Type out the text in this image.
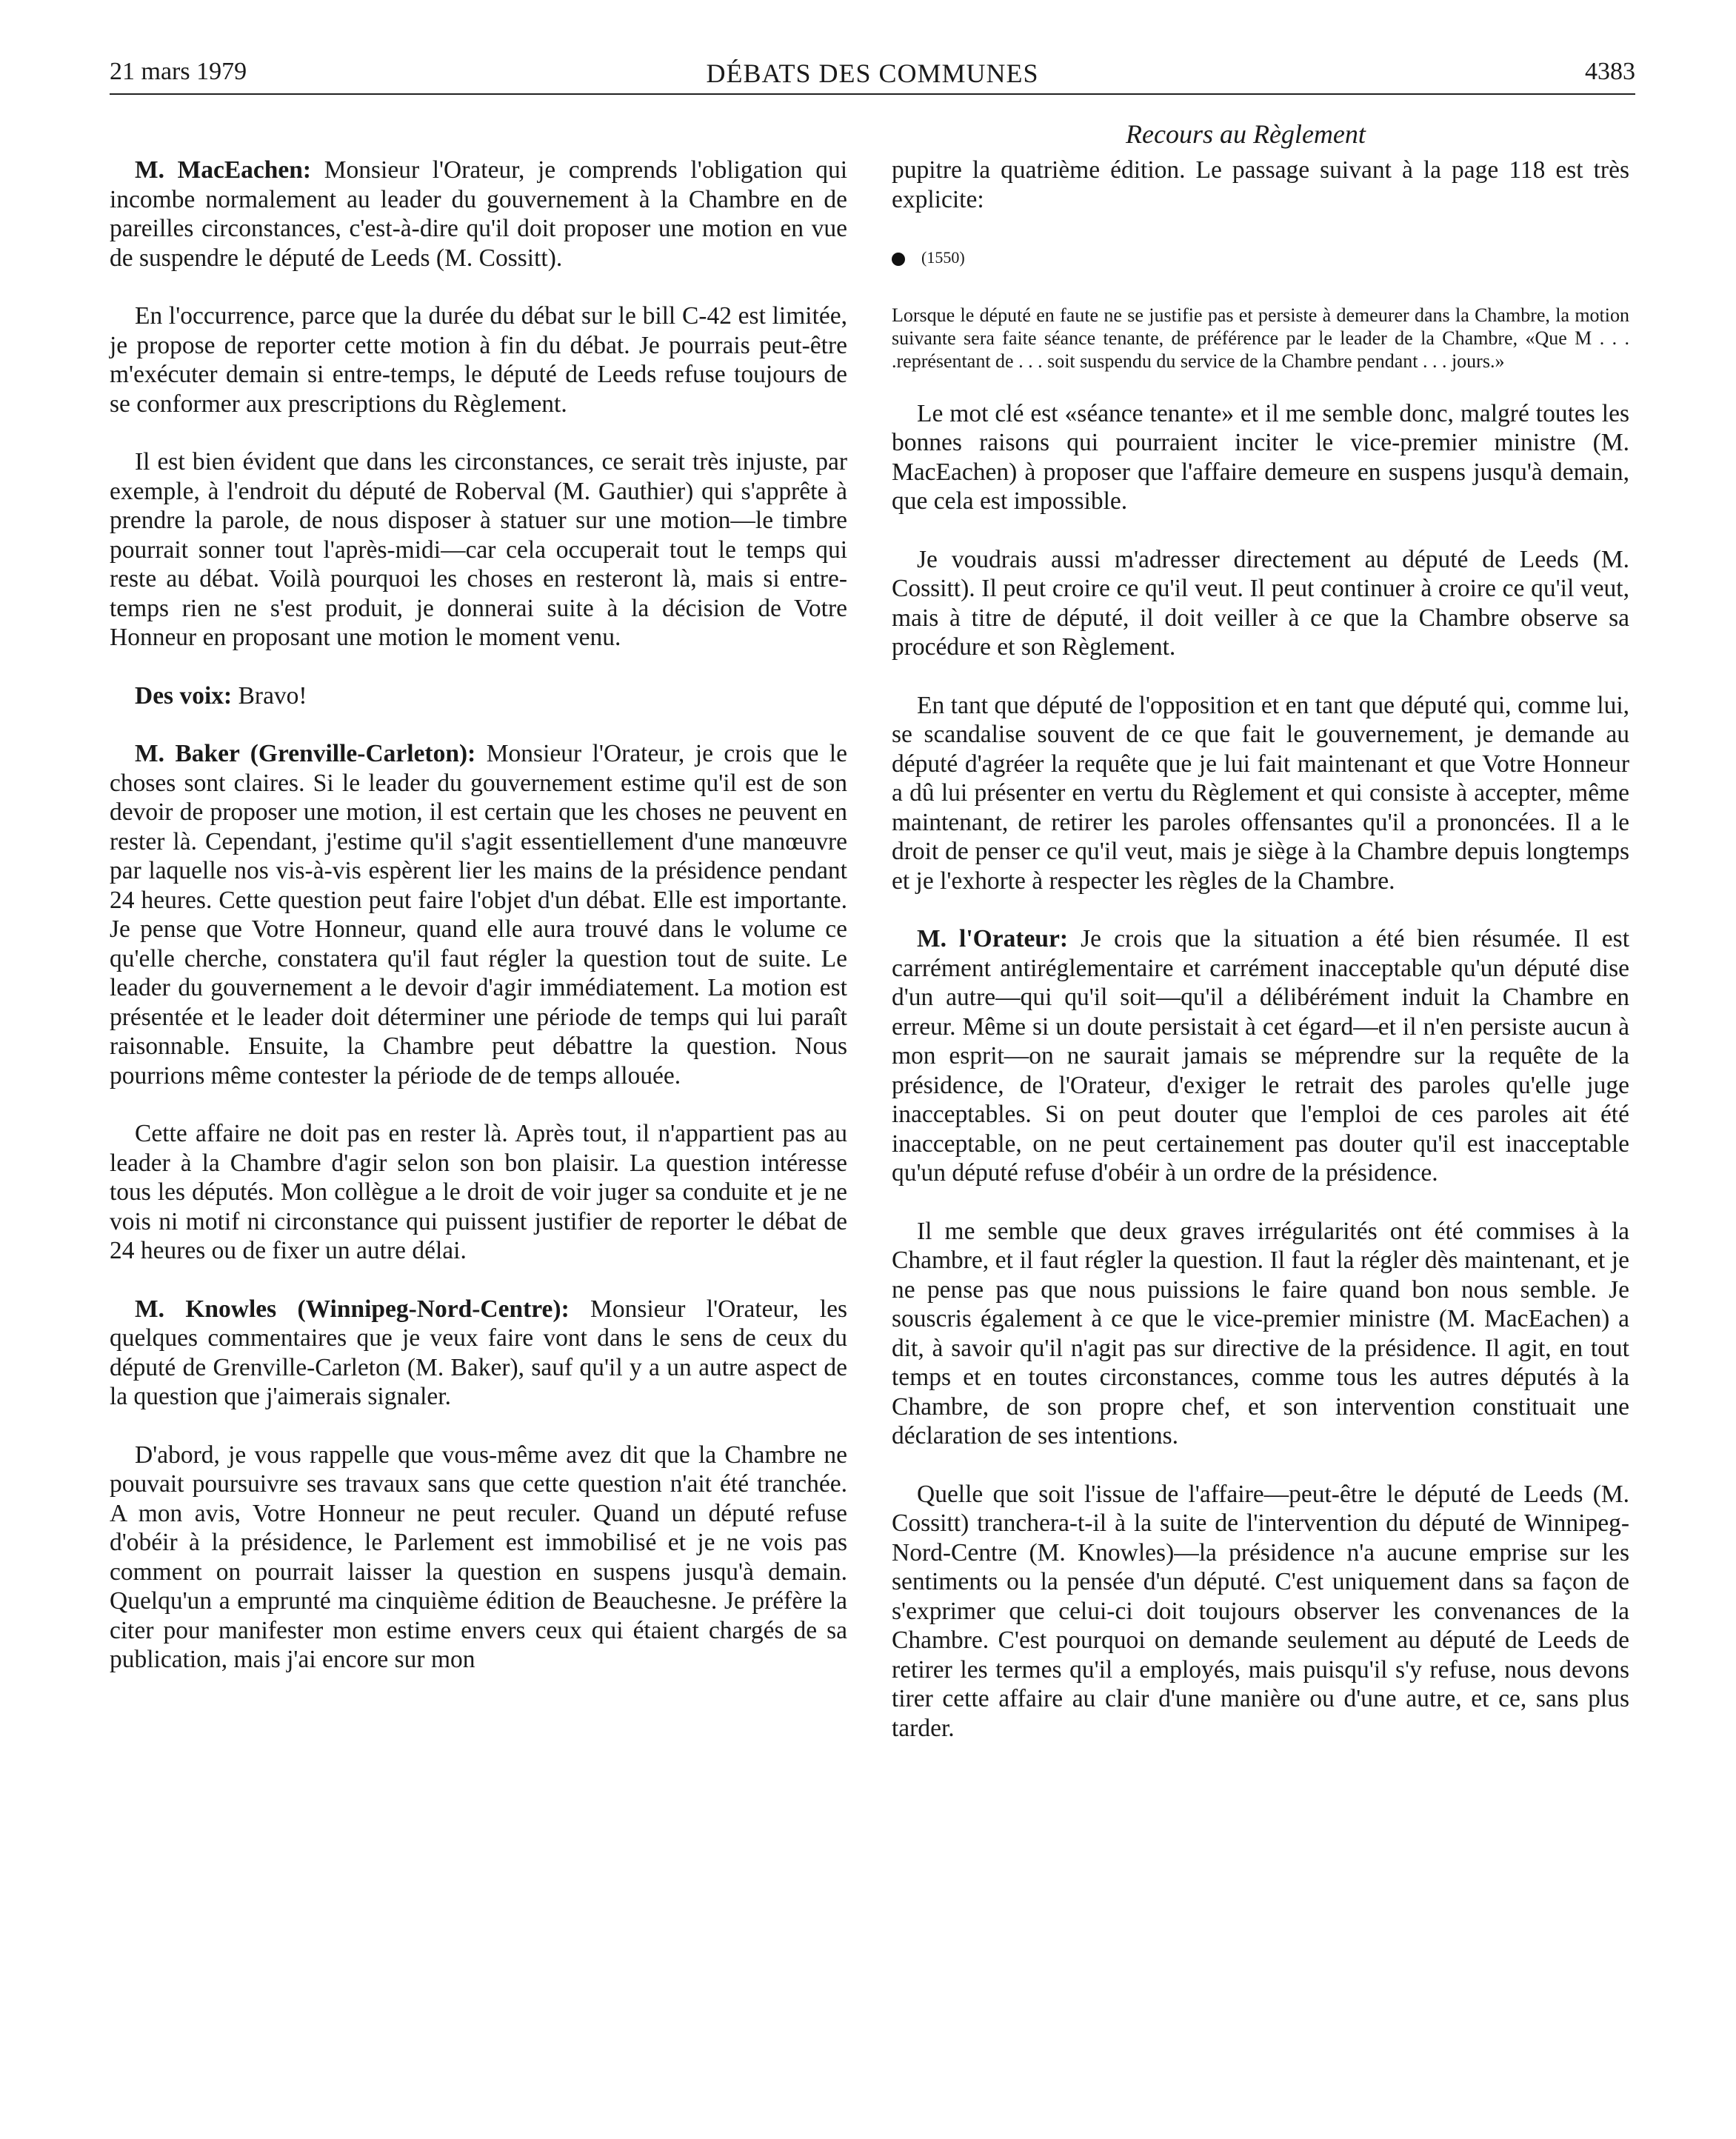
21 mars 1979	DÉBATS DES COMMUNES	4383
Recours au Règlement

M. MacEachen: Monsieur l'Orateur, je comprends l'obligation qui incombe normalement au leader du gouvernement à la Chambre en de pareilles circonstances, c'est-à-dire qu'il doit proposer une motion en vue de suspendre le député de Leeds (M. Cossitt).

En l'occurrence, parce que la durée du débat sur le bill C-42 est limitée, je propose de reporter cette motion à fin du débat. Je pourrais peut-être m'exécuter demain si entre-temps, le député de Leeds refuse toujours de se conformer aux prescriptions du Règlement.

Il est bien évident que dans les circonstances, ce serait très injuste, par exemple, à l'endroit du député de Roberval (M. Gauthier) qui s'apprête à prendre la parole, de nous disposer à statuer sur une motion—le timbre pourrait sonner tout l'après-midi—car cela occuperait tout le temps qui reste au débat. Voilà pourquoi les choses en resteront là, mais si entre-temps rien ne s'est produit, je donnerai suite à la décision de Votre Honneur en proposant une motion le moment venu.

Des voix: Bravo!

M. Baker (Grenville-Carleton): Monsieur l'Orateur, je crois que le choses sont claires. Si le leader du gouvernement estime qu'il est de son devoir de proposer une motion, il est certain que les choses ne peuvent en rester là. Cependant, j'estime qu'il s'agit essentiellement d'une manœuvre par laquelle nos vis-à-vis espèrent lier les mains de la présidence pendant 24 heures. Cette question peut faire l'objet d'un débat. Elle est importante. Je pense que Votre Honneur, quand elle aura trouvé dans le volume ce qu'elle cherche, constatera qu'il faut régler la question tout de suite. Le leader du gouvernement a le devoir d'agir immédiatement. La motion est présentée et le leader doit déterminer une période de temps qui lui paraît raisonnable. Ensuite, la Chambre peut débattre la question. Nous pourrions même contester la période de de temps allouée.

Cette affaire ne doit pas en rester là. Après tout, il n'appartient pas au leader à la Chambre d'agir selon son bon plaisir. La question intéresse tous les députés. Mon collègue a le droit de voir juger sa conduite et je ne vois ni motif ni circonstance qui puissent justifier de reporter le débat de 24 heures ou de fixer un autre délai.

M. Knowles (Winnipeg-Nord-Centre): Monsieur l'Orateur, les quelques commentaires que je veux faire vont dans le sens de ceux du député de Grenville-Carleton (M. Baker), sauf qu'il y a un autre aspect de la question que j'aimerais signaler.

D'abord, je vous rappelle que vous-même avez dit que la Chambre ne pouvait poursuivre ses travaux sans que cette question n'ait été tranchée. A mon avis, Votre Honneur ne peut reculer. Quand un député refuse d'obéir à la présidence, le Parlement est immobilisé et je ne vois pas comment on pourrait laisser la question en suspens jusqu'à demain. Quelqu'un a emprunté ma cinquième édition de Beauchesne. Je préfère la citer pour manifester mon estime envers ceux qui étaient chargés de sa publication, mais j'ai encore sur mon

pupitre la quatrième édition. Le passage suivant à la page 118 est très explicite:

(1550)

Lorsque le député en faute ne se justifie pas et persiste à demeurer dans la Chambre, la motion suivante sera faite séance tenante, de préférence par le leader de la Chambre, «Que M . . . .représentant de . . . soit suspendu du service de la Chambre pendant . . . jours.»

Le mot clé est «séance tenante» et il me semble donc, malgré toutes les bonnes raisons qui pourraient inciter le vice-premier ministre (M. MacEachen) à proposer que l'affaire demeure en suspens jusqu'à demain, que cela est impossible.

Je voudrais aussi m'adresser directement au député de Leeds (M. Cossitt). Il peut croire ce qu'il veut. Il peut continuer à croire ce qu'il veut, mais à titre de député, il doit veiller à ce que la Chambre observe sa procédure et son Règlement.

En tant que député de l'opposition et en tant que député qui, comme lui, se scandalise souvent de ce que fait le gouvernement, je demande au député d'agréer la requête que je lui fait maintenant et que Votre Honneur a dû lui présenter en vertu du Règlement et qui consiste à accepter, même maintenant, de retirer les paroles offensantes qu'il a prononcées. Il a le droit de penser ce qu'il veut, mais je siège à la Chambre depuis longtemps et je l'exhorte à respecter les règles de la Chambre.

M. l'Orateur: Je crois que la situation a été bien résumée. Il est carrément antiréglementaire et carrément inacceptable qu'un député dise d'un autre—qui qu'il soit—qu'il a délibérément induit la Chambre en erreur. Même si un doute persistait à cet égard—et il n'en persiste aucun à mon esprit—on ne saurait jamais se méprendre sur la requête de la présidence, de l'Orateur, d'exiger le retrait des paroles qu'elle juge inacceptables. Si on peut douter que l'emploi de ces paroles ait été inacceptable, on ne peut certainement pas douter qu'il est inacceptable qu'un député refuse d'obéir à un ordre de la présidence.

Il me semble que deux graves irrégularités ont été commises à la Chambre, et il faut régler la question. Il faut la régler dès maintenant, et je ne pense pas que nous puissions le faire quand bon nous semble. Je souscris également à ce que le vice-premier ministre (M. MacEachen) a dit, à savoir qu'il n'agit pas sur directive de la présidence. Il agit, en tout temps et en toutes circonstances, comme tous les autres députés à la Chambre, de son propre chef, et son intervention constituait une déclaration de ses intentions.

Quelle que soit l'issue de l'affaire—peut-être le député de Leeds (M. Cossitt) tranchera-t-il à la suite de l'intervention du député de Winnipeg-Nord-Centre (M. Knowles)—la présidence n'a aucune emprise sur les sentiments ou la pensée d'un député. C'est uniquement dans sa façon de s'exprimer que celui-ci doit toujours observer les convenances de la Chambre. C'est pourquoi on demande seulement au député de Leeds de retirer les termes qu'il a employés, mais puisqu'il s'y refuse, nous devons tirer cette affaire au clair d'une manière ou d'une autre, et ce, sans plus tarder.
